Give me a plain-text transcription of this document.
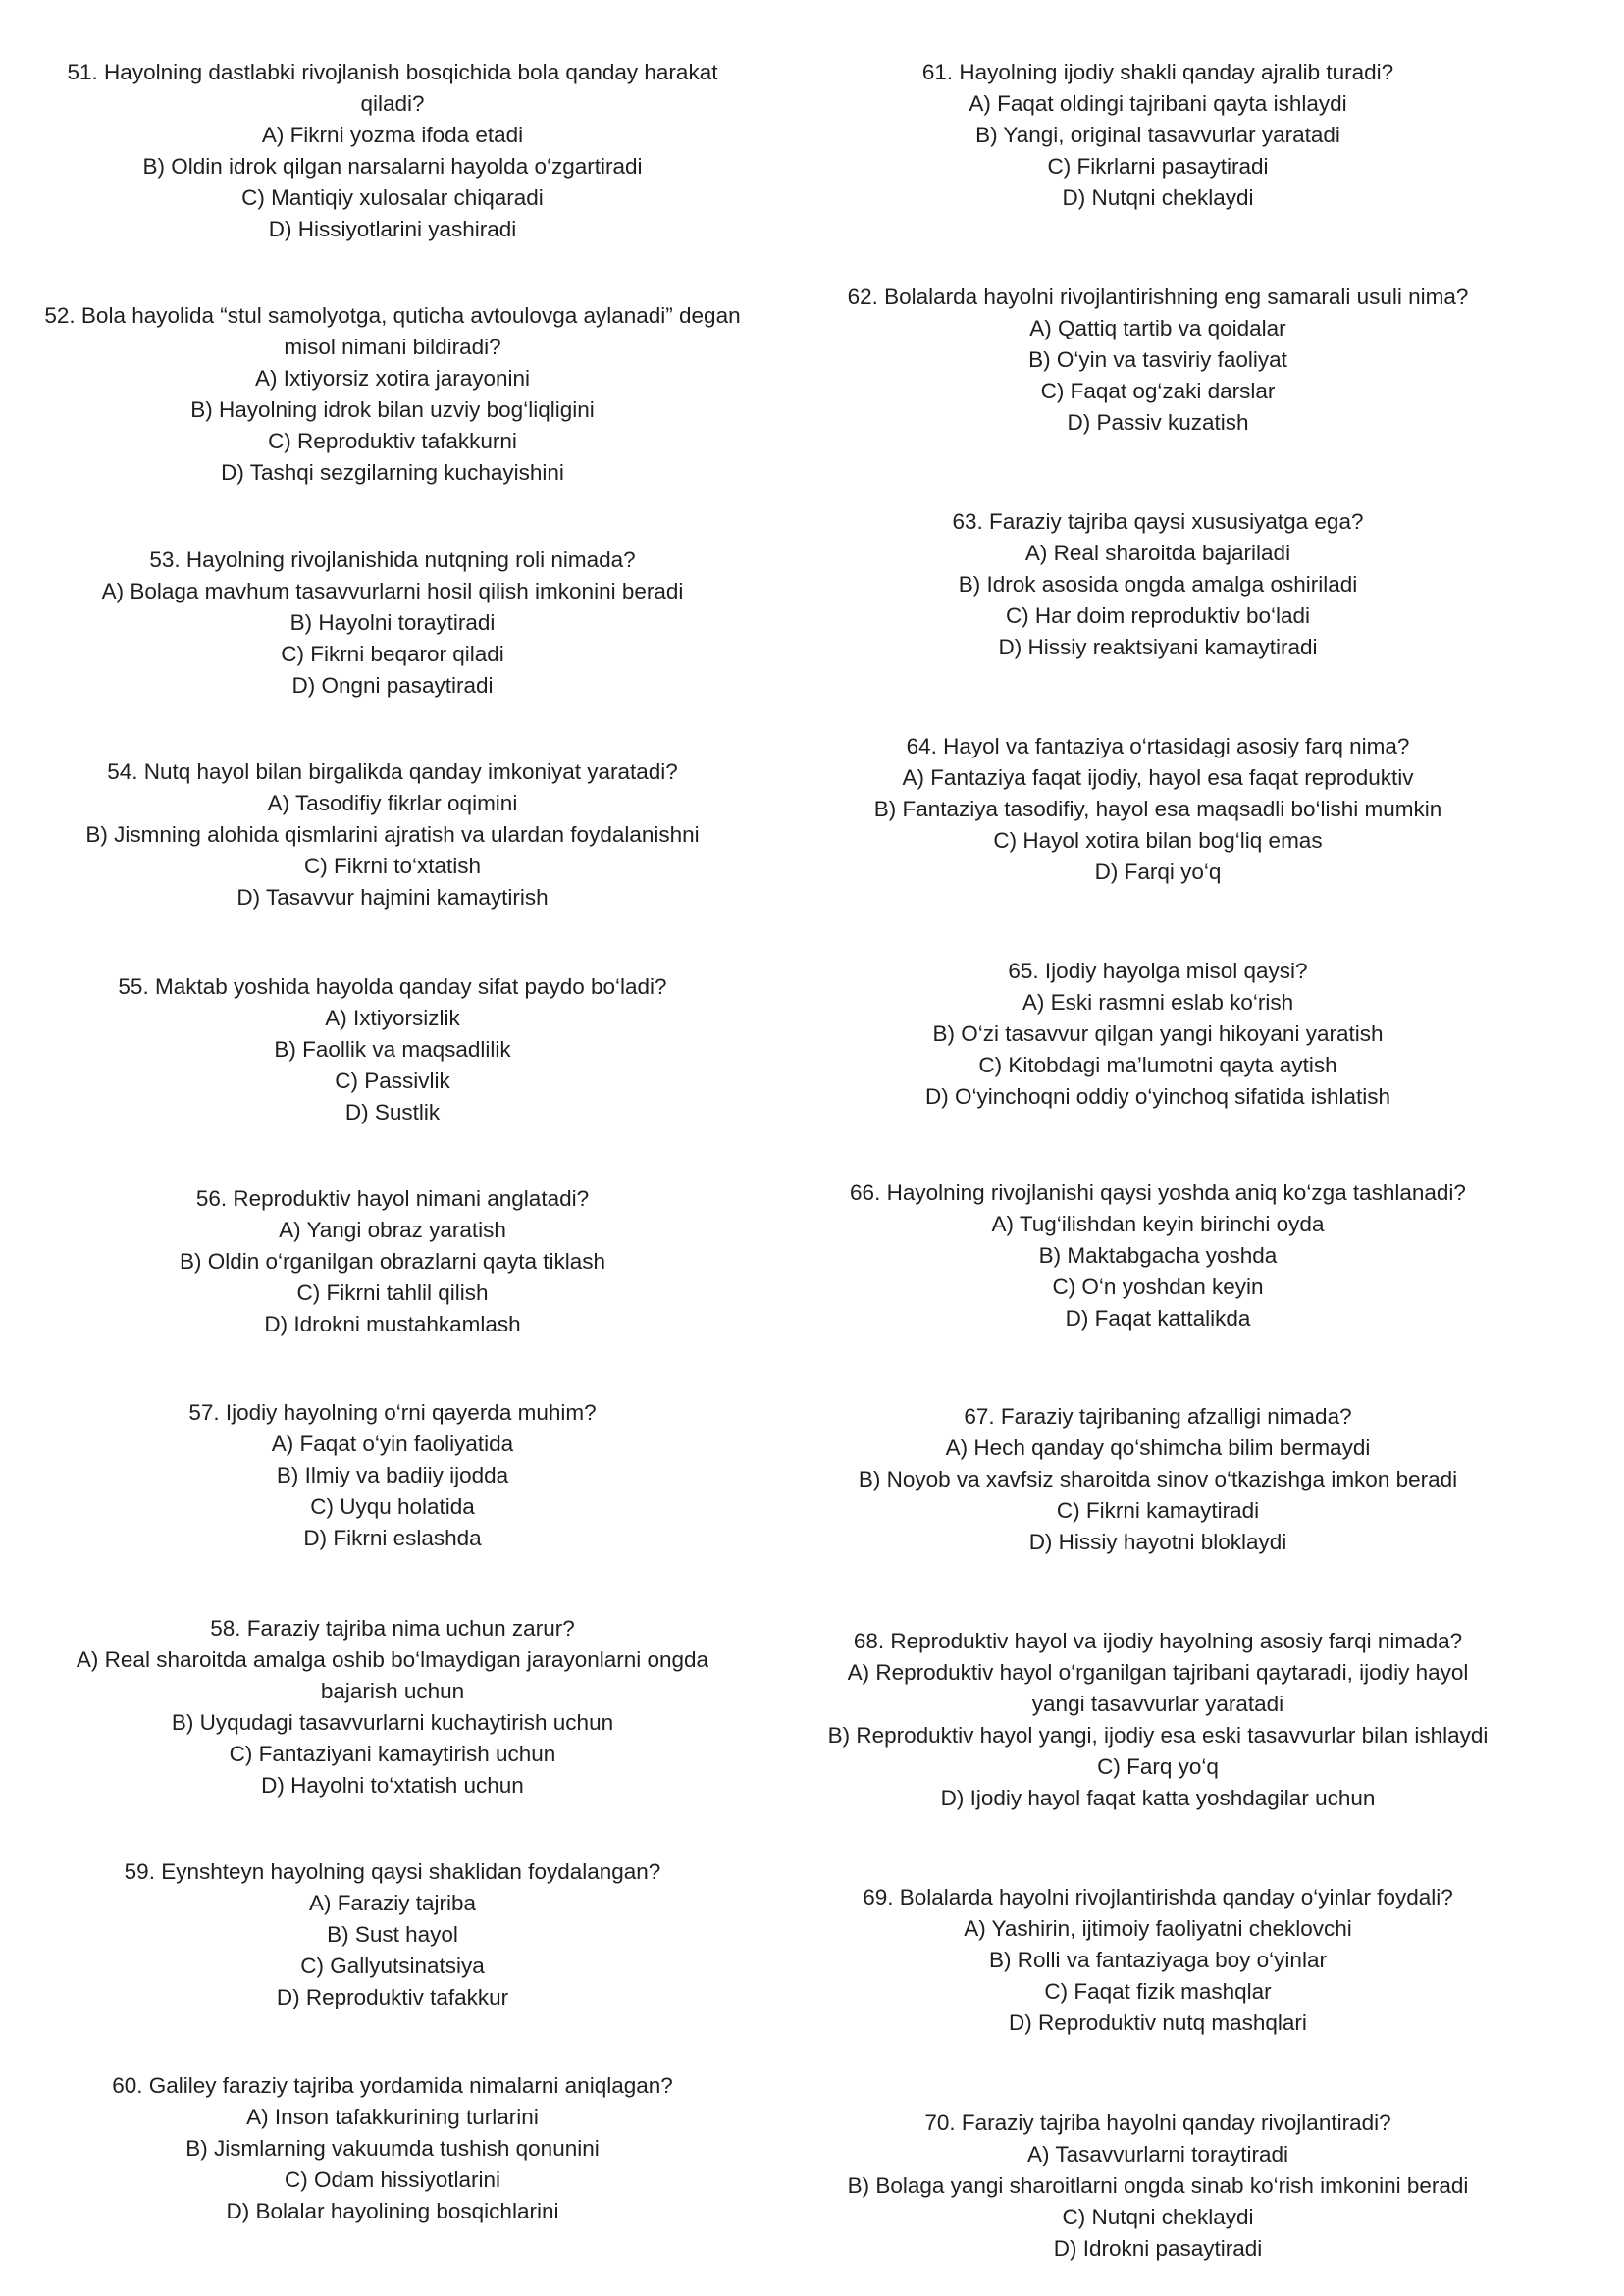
51. Hayolning dastlabki rivojlanish bosqichida bola qanday harakat
qiladi?
A) Fikrni yozma ifoda etadi
B) Oldin idrok qilgan narsalarni hayolda o‘zgartiradi
C) Mantiqiy xulosalar chiqaradi
D) Hissiyotlarini yashiradi
52. Bola hayolida “stul samolyotga, quticha avtoulovga aylanadi” degan
misol nimani bildiradi?
A) Ixtiyorsiz xotira jarayonini
B) Hayolning idrok bilan uzviy bog‘liqligini
C) Reproduktiv tafakkurni
D) Tashqi sezgilarning kuchayishini
53. Hayolning rivojlanishida nutqning roli nimada?
A) Bolaga mavhum tasavvurlarni hosil qilish imkonini beradi
B) Hayolni toraytiradi
C) Fikrni beqaror qiladi
D) Ongni pasaytiradi
54. Nutq hayol bilan birgalikda qanday imkoniyat yaratadi?
A) Tasodifiy fikrlar oqimini
B) Jismning alohida qismlarini ajratish va ulardan foydalanishni
C) Fikrni to‘xtatish
D) Tasavvur hajmini kamaytirish
55. Maktab yoshida hayolda qanday sifat paydo bo‘ladi?
A) Ixtiyorsizlik
B) Faollik va maqsadlilik
C) Passivlik
D) Sustlik
56. Reproduktiv hayol nimani anglatadi?
A) Yangi obraz yaratish
B) Oldin o‘rganilgan obrazlarni qayta tiklash
C) Fikrni tahlil qilish
D) Idrokni mustahkamlash
57. Ijodiy hayolning o‘rni qayerda muhim?
A) Faqat o‘yin faoliyatida
B) Ilmiy va badiiy ijodda
C) Uyqu holatida
D) Fikrni eslashda
58. Faraziy tajriba nima uchun zarur?
A) Real sharoitda amalga oshib bo‘lmaydigan jarayonlarni ongda
bajarish uchun
B) Uyqudagi tasavvurlarni kuchaytirish uchun
C) Fantaziyani kamaytirish uchun
D) Hayolni to‘xtatish uchun
59. Eynshteyn hayolning qaysi shaklidan foydalangan?
A) Faraziy tajriba
B) Sust hayol
C) Gallyutsinatsiya
D) Reproduktiv tafakkur
60. Galiley faraziy tajriba yordamida nimalarni aniqlagan?
A) Inson tafakkurining turlarini
B) Jismlarning vakuumda tushish qonunini
C) Odam hissiyotlarini
D) Bolalar hayolining bosqichlarini
61. Hayolning ijodiy shakli qanday ajralib turadi?
A) Faqat oldingi tajribani qayta ishlaydi
B) Yangi, original tasavvurlar yaratadi
C) Fikrlarni pasaytiradi
D) Nutqni cheklaydi
62. Bolalarda hayolni rivojlantirishning eng samarali usuli nima?
A) Qattiq tartib va qoidalar
B) O‘yin va tasviriy faoliyat
C) Faqat og‘zaki darslar
D) Passiv kuzatish
63. Faraziy tajriba qaysi xususiyatga ega?
A) Real sharoitda bajariladi
B) Idrok asosida ongda amalga oshiriladi
C) Har doim reproduktiv bo‘ladi
D) Hissiy reaktsiyani kamaytiradi
64. Hayol va fantaziya o‘rtasidagi asosiy farq nima?
A) Fantaziya faqat ijodiy, hayol esa faqat reproduktiv
B) Fantaziya tasodifiy, hayol esa maqsadli bo‘lishi mumkin
C) Hayol xotira bilan bog‘liq emas
D) Farqi yo‘q
65. Ijodiy hayolga misol qaysi?
A) Eski rasmni eslab ko‘rish
B) O‘zi tasavvur qilgan yangi hikoyani yaratish
C) Kitobdagi ma’lumotni qayta aytish
D) O‘yinchoqni oddiy o‘yinchoq sifatida ishlatish
66. Hayolning rivojlanishi qaysi yoshda aniq ko‘zga tashlanadi?
A) Tug‘ilishdan keyin birinchi oyda
B) Maktabgacha yoshda
C) O‘n yoshdan keyin
D) Faqat kattalikda
67. Faraziy tajribaning afzalligi nimada?
A) Hech qanday qo‘shimcha bilim bermaydi
B) Noyob va xavfsiz sharoitda sinov o‘tkazishga imkon beradi
C) Fikrni kamaytiradi
D) Hissiy hayotni bloklaydi
68. Reproduktiv hayol va ijodiy hayolning asosiy farqi nimada?
A) Reproduktiv hayol o‘rganilgan tajribani qaytaradi, ijodiy hayol
yangi tasavvurlar yaratadi
B) Reproduktiv hayol yangi, ijodiy esa eski tasavvurlar bilan ishlaydi
C) Farq yo‘q
D) Ijodiy hayol faqat katta yoshdagilar uchun
69. Bolalarda hayolni rivojlantirishda qanday o‘yinlar foydali?
A) Yashirin, ijtimoiy faoliyatni cheklovchi
B) Rolli va fantaziyaga boy o‘yinlar
C) Faqat fizik mashqlar
D) Reproduktiv nutq mashqlari
70. Faraziy tajriba hayolni qanday rivojlantiradi?
A) Tasavvurlarni toraytiradi
B) Bolaga yangi sharoitlarni ongda sinab ko‘rish imkonini beradi
C) Nutqni cheklaydi
D) Idrokni pasaytiradi
